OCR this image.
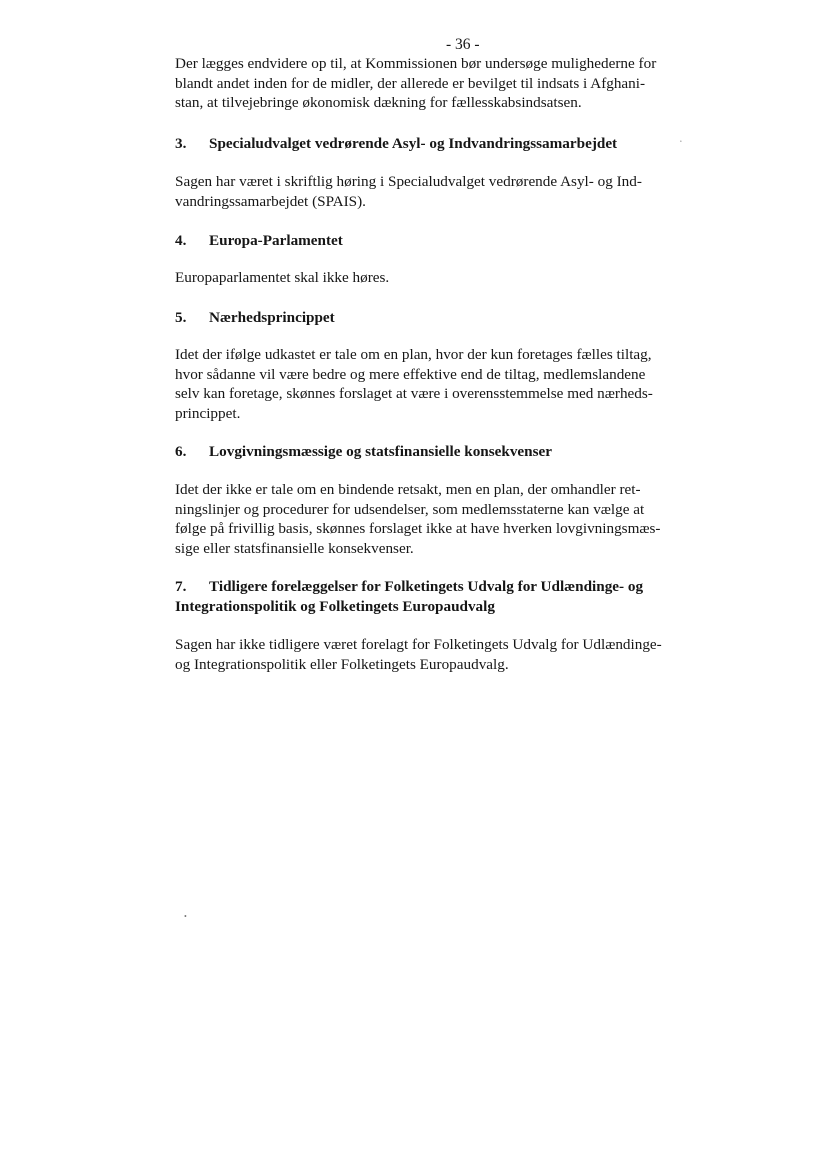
- 36 -
Der lægges endvidere op til, at Kommissionen bør undersøge mulighederne for
blandt andet inden for de midler, der allerede er bevilget til indsats i Afghani-
stan, at tilvejebringe økonomisk dækning for fællesskabsindsatsen.
3. Specialudvalget vedrørende Asyl- og Indvandringssamarbejdet
Sagen har været i skriftlig høring i Specialudvalget vedrørende Asyl- og Ind-
vandringssamarbejdet (SPAIS).
4. Europa-Parlamentet
Europaparlamentet skal ikke høres.
5. Nærhedsprincippet
Idet der ifølge udkastet er tale om en plan, hvor der kun foretages fælles tiltag,
hvor sådanne vil være bedre og mere effektive end de tiltag, medlemslandene
selv kan foretage, skønnes forslaget at være i overensstemmelse med nærheds-
princippet.
6. Lovgivningsmæssige og statsfinansielle konsekvenser
Idet der ikke er tale om en bindende retsakt, men en plan, der omhandler ret-
ningslinjer og procedurer for udsendelser, som medlemsstaterne kan vælge at
følge på frivillig basis, skønnes forslaget ikke at have hverken lovgivningsmæs-
sige eller statsfinansielle konsekvenser.
7. Tidligere forelæggelser for Folketingets Udvalg for Udlændinge- og
Integrationspolitik og Folketingets Europaudvalg
Sagen har ikke tidligere været forelagt for Folketingets Udvalg for Udlændinge-
og Integrationspolitik eller Folketingets Europaudvalg.
•
•
